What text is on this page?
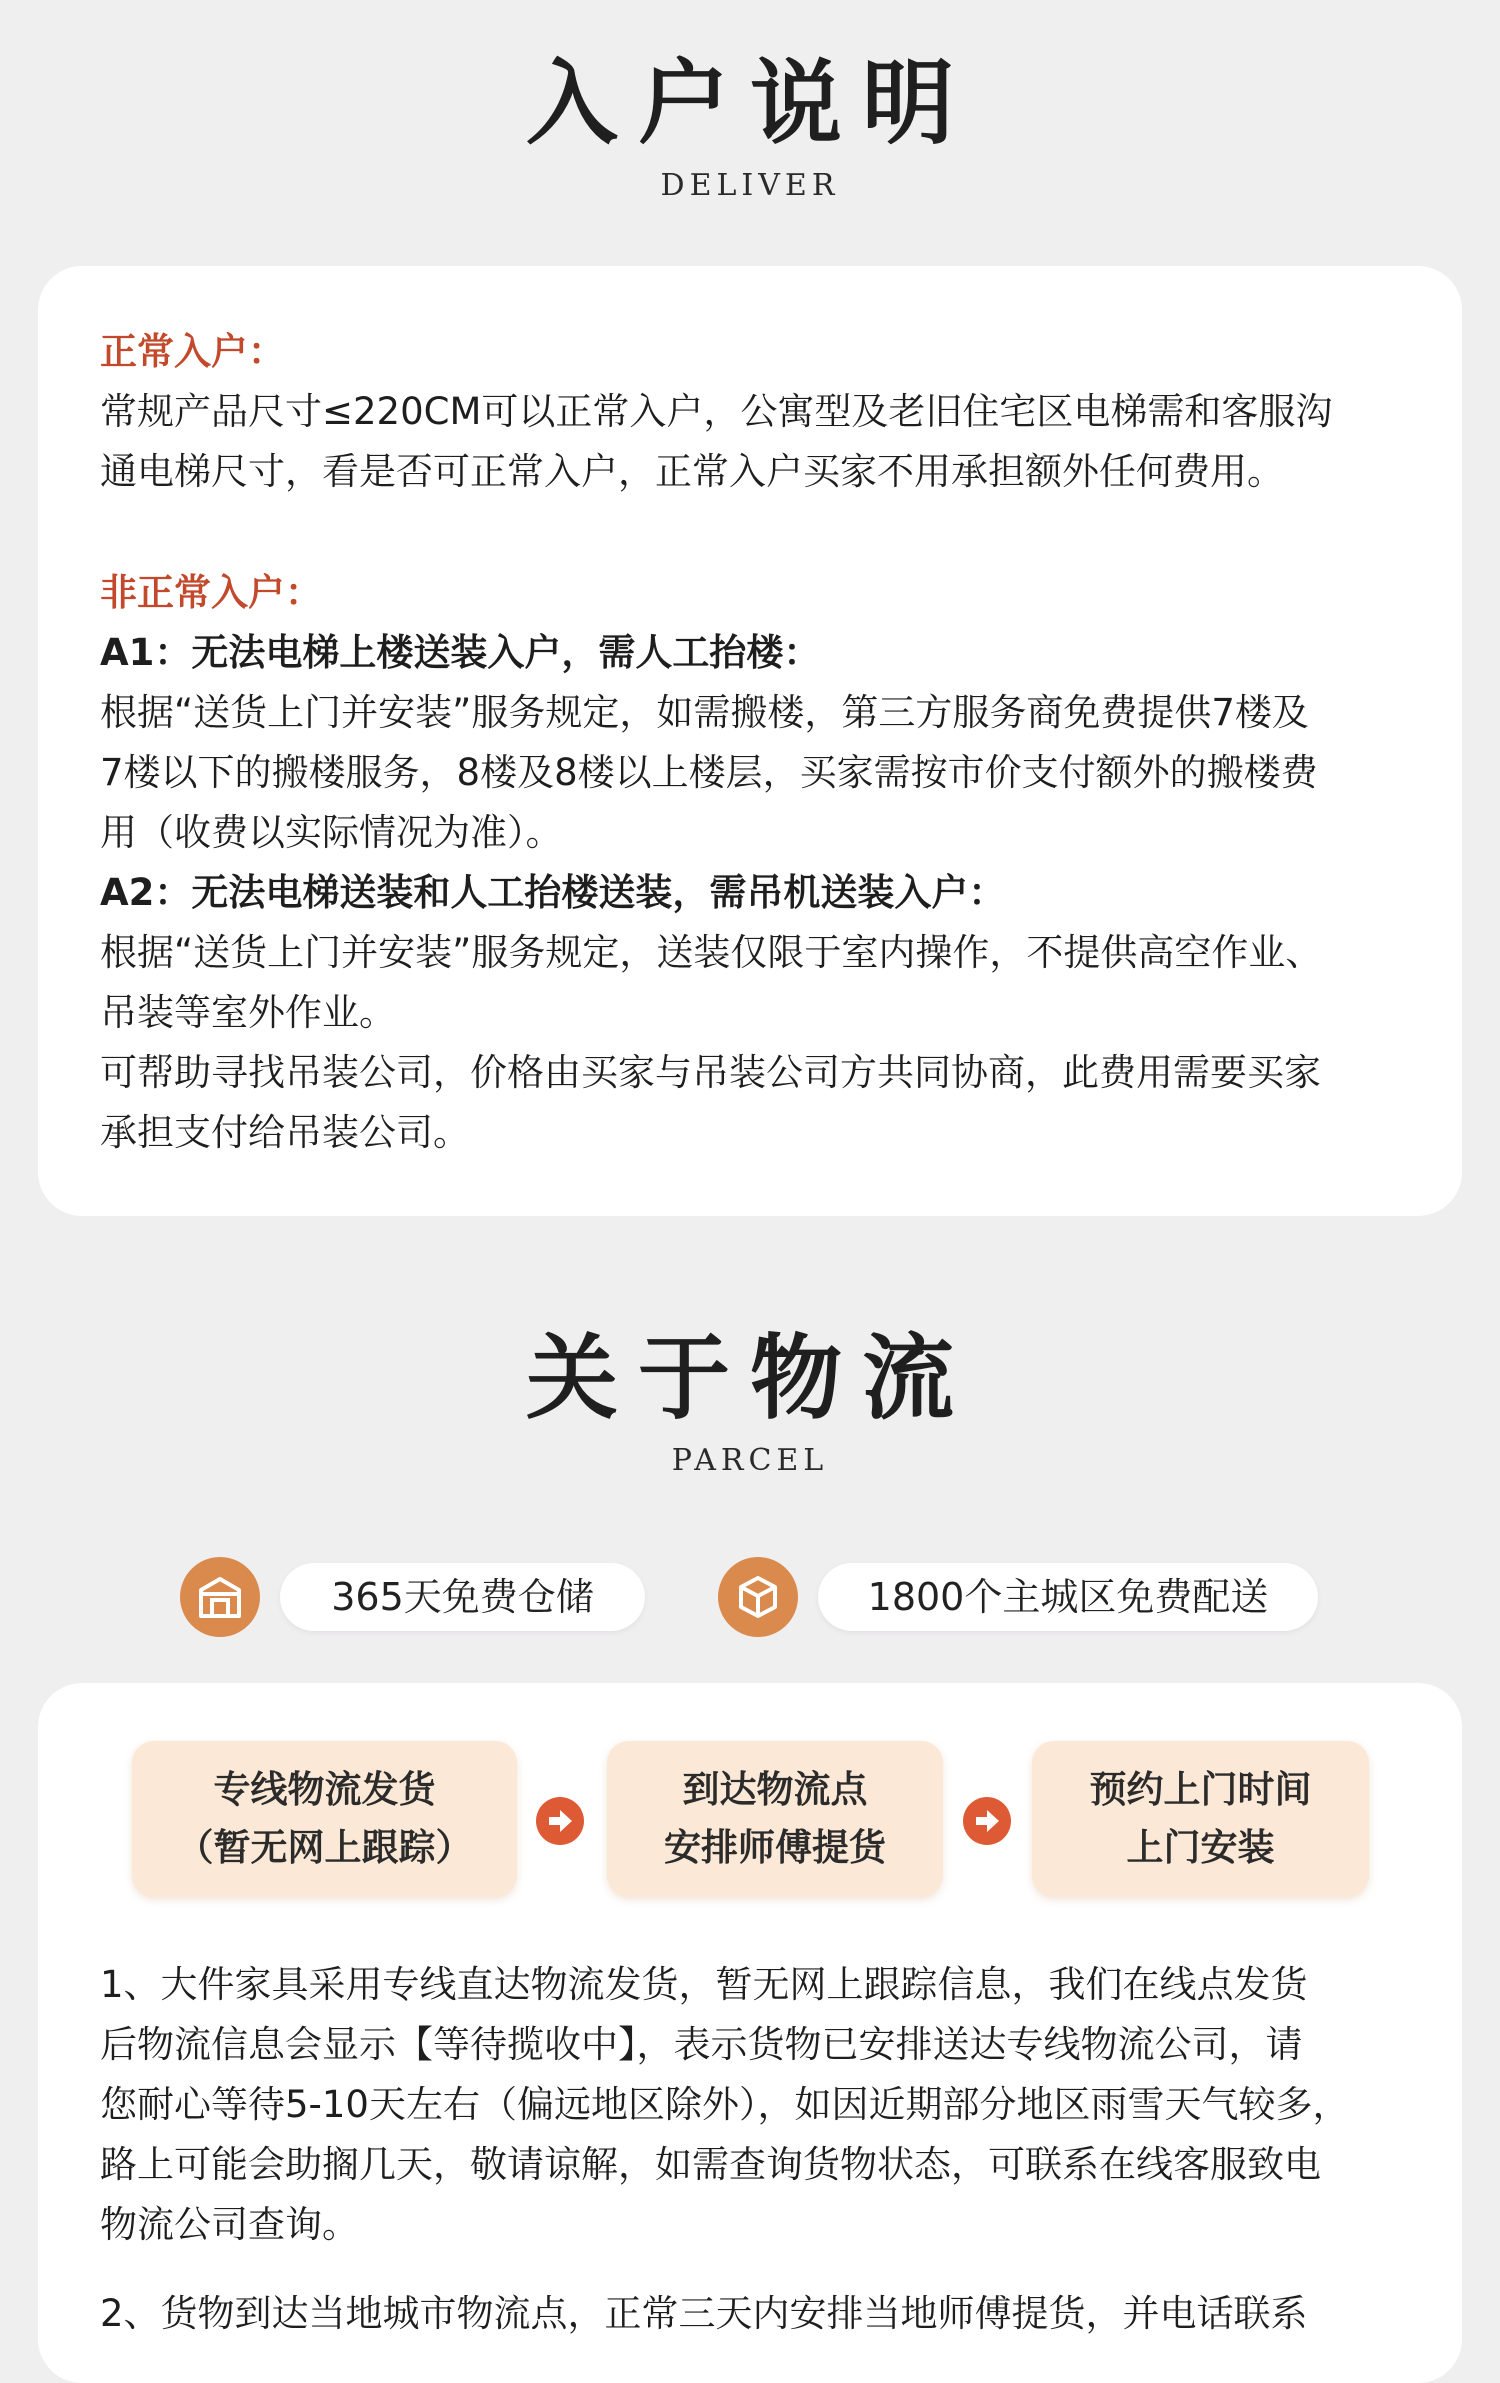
入户说明
DELIVER
正常入户：
常规产品尺寸≤220CM可以正常入户，公寓型及老旧住宅区电梯需和客服沟
通电梯尺寸，看是否可正常入户，正常入户买家不用承担额外任何费用。
非正常入户：
A1：无法电梯上楼送装入户，需人工抬楼：
根据“送货上门并安装”服务规定，如需搬楼，第三方服务商免费提供7楼及
7楼以下的搬楼服务，8楼及8楼以上楼层，买家需按市价支付额外的搬楼费
用（收费以实际情况为准）。
A2：无法电梯送装和人工抬楼送装，需吊机送装入户：
根据“送货上门并安装”服务规定，送装仅限于室内操作，不提供高空作业、
吊装等室外作业。
可帮助寻找吊装公司，价格由买家与吊装公司方共同协商，此费用需要买家
承担支付给吊装公司。
关于物流
PARCEL
365天免费仓储	1800个主城区免费配送
专线物流发货
（暂无网上跟踪）
到达物流点
安排师傅提货
预约上门时间
上门安装
1、大件家具采用专线直达物流发货，暂无网上跟踪信息，我们在线点发货
后物流信息会显示【等待揽收中】，表示货物已安排送达专线物流公司，请
您耐心等待5-10天左右（偏远地区除外），如因近期部分地区雨雪天气较多，
路上可能会助搁几天，敬请谅解，如需查询货物状态，可联系在线客服致电
物流公司查询。
2、货物到达当地城市物流点，正常三天内安排当地师傅提货，并电话联系
